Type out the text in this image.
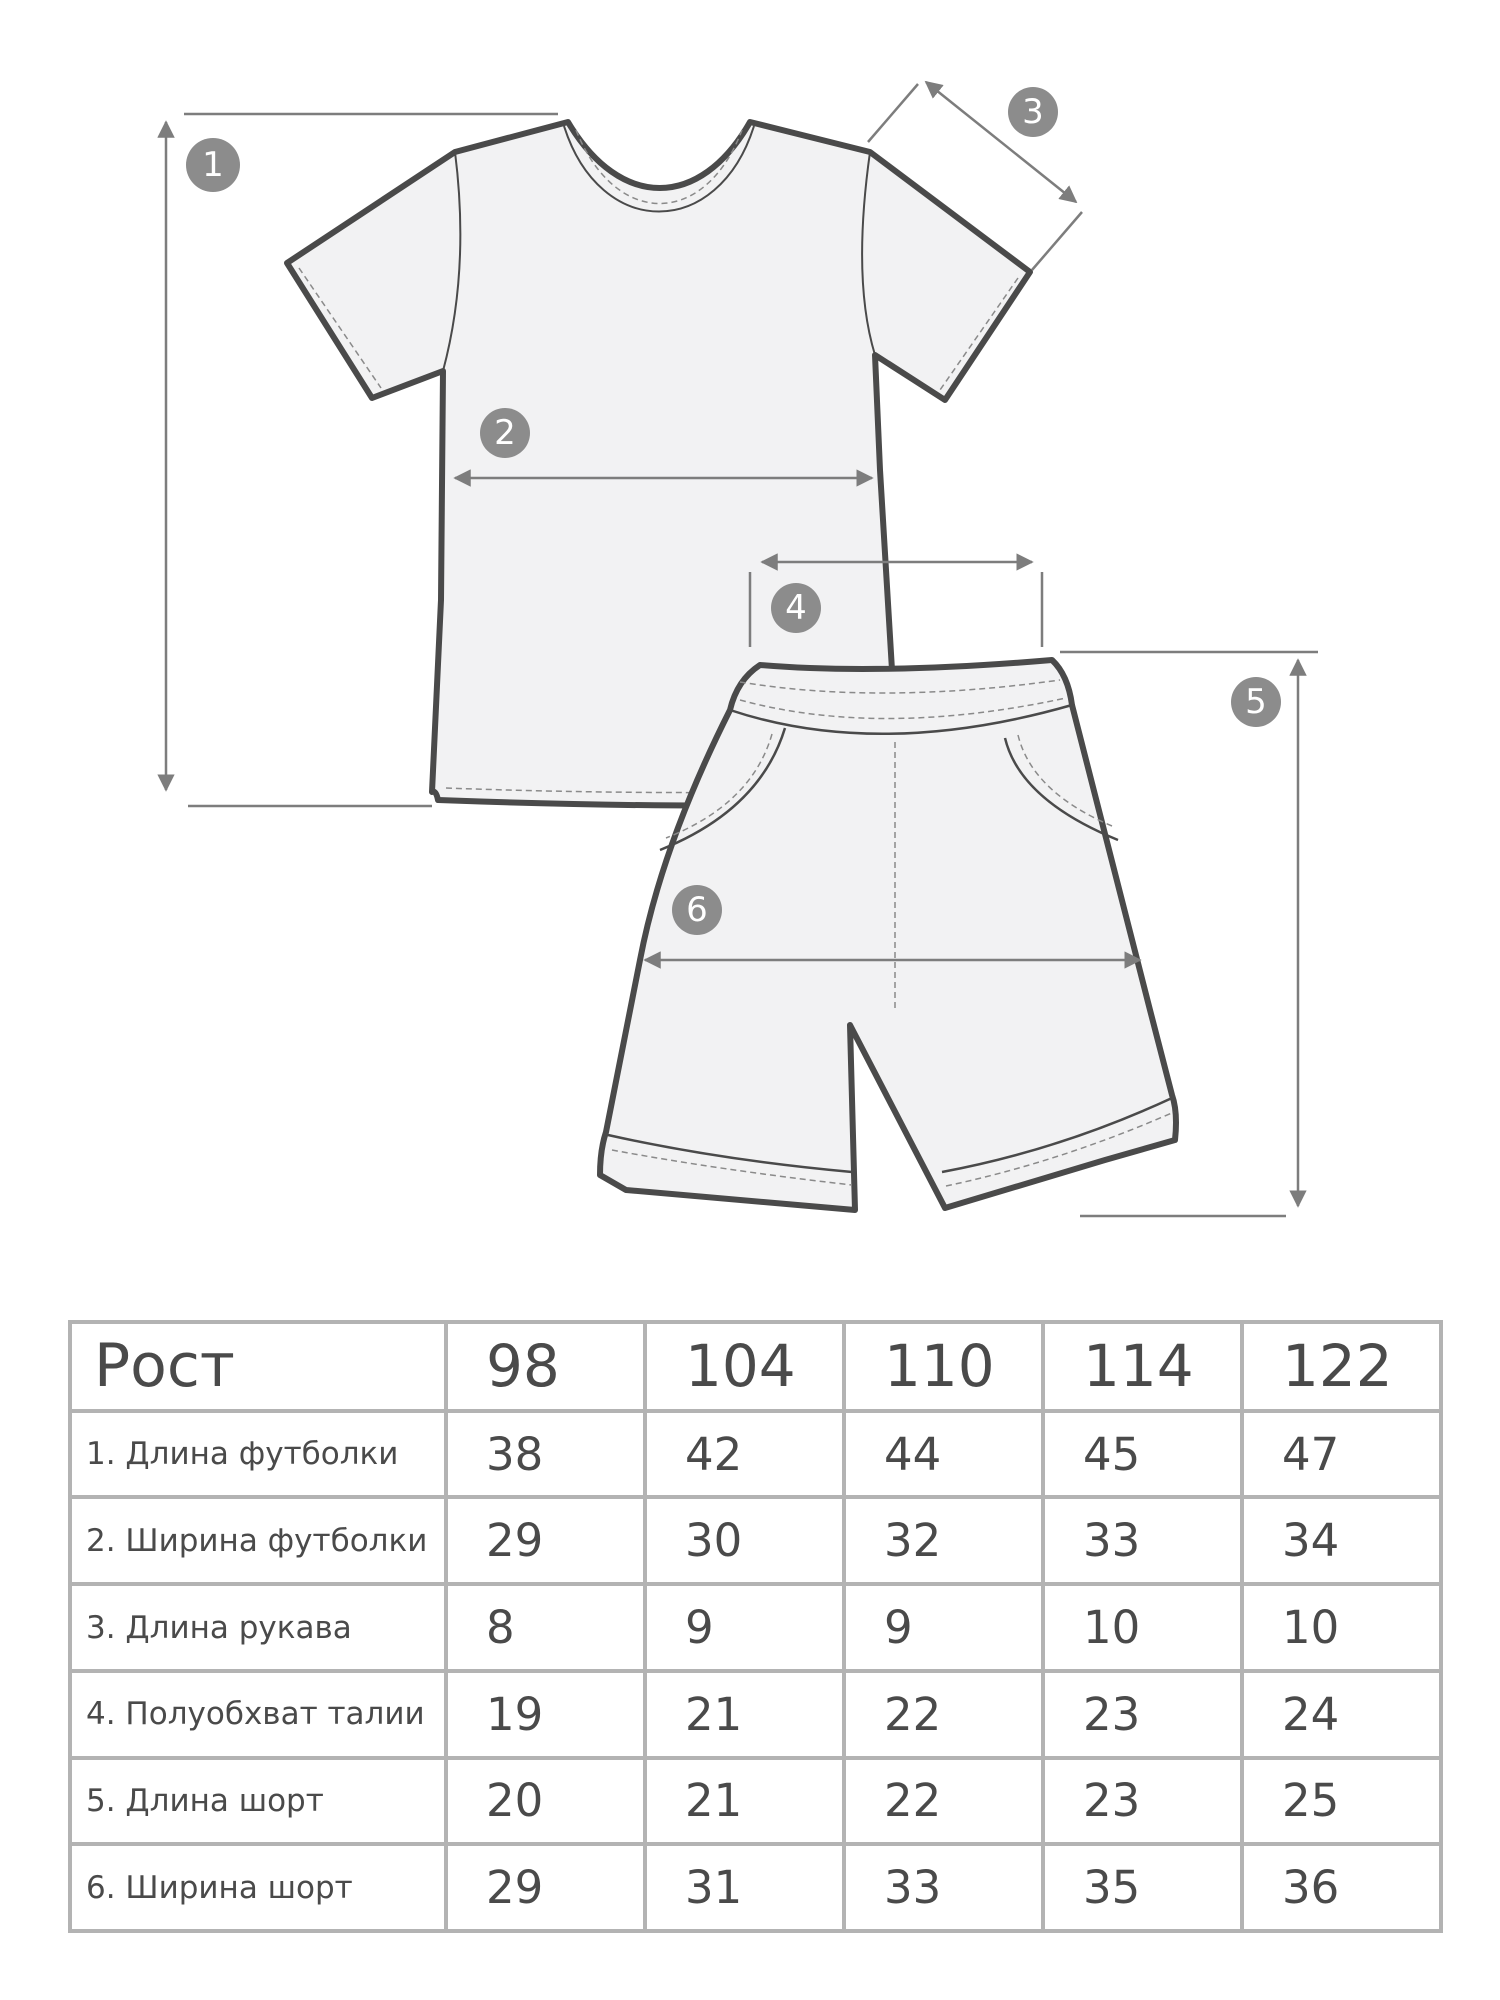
1
2
3
4
5
6
Рост	98	104	110	114	122
1. Длина футболки	38	42	44	45	47
2. Ширина футболки	29	30	32	33	34
3. Длина рукава	8	9	9	10	10
4. Полуобхват талии	19	21	22	23	24
5. Длина шорт	20	21	22	23	25
6. Ширина шорт	29	31	33	35	36
